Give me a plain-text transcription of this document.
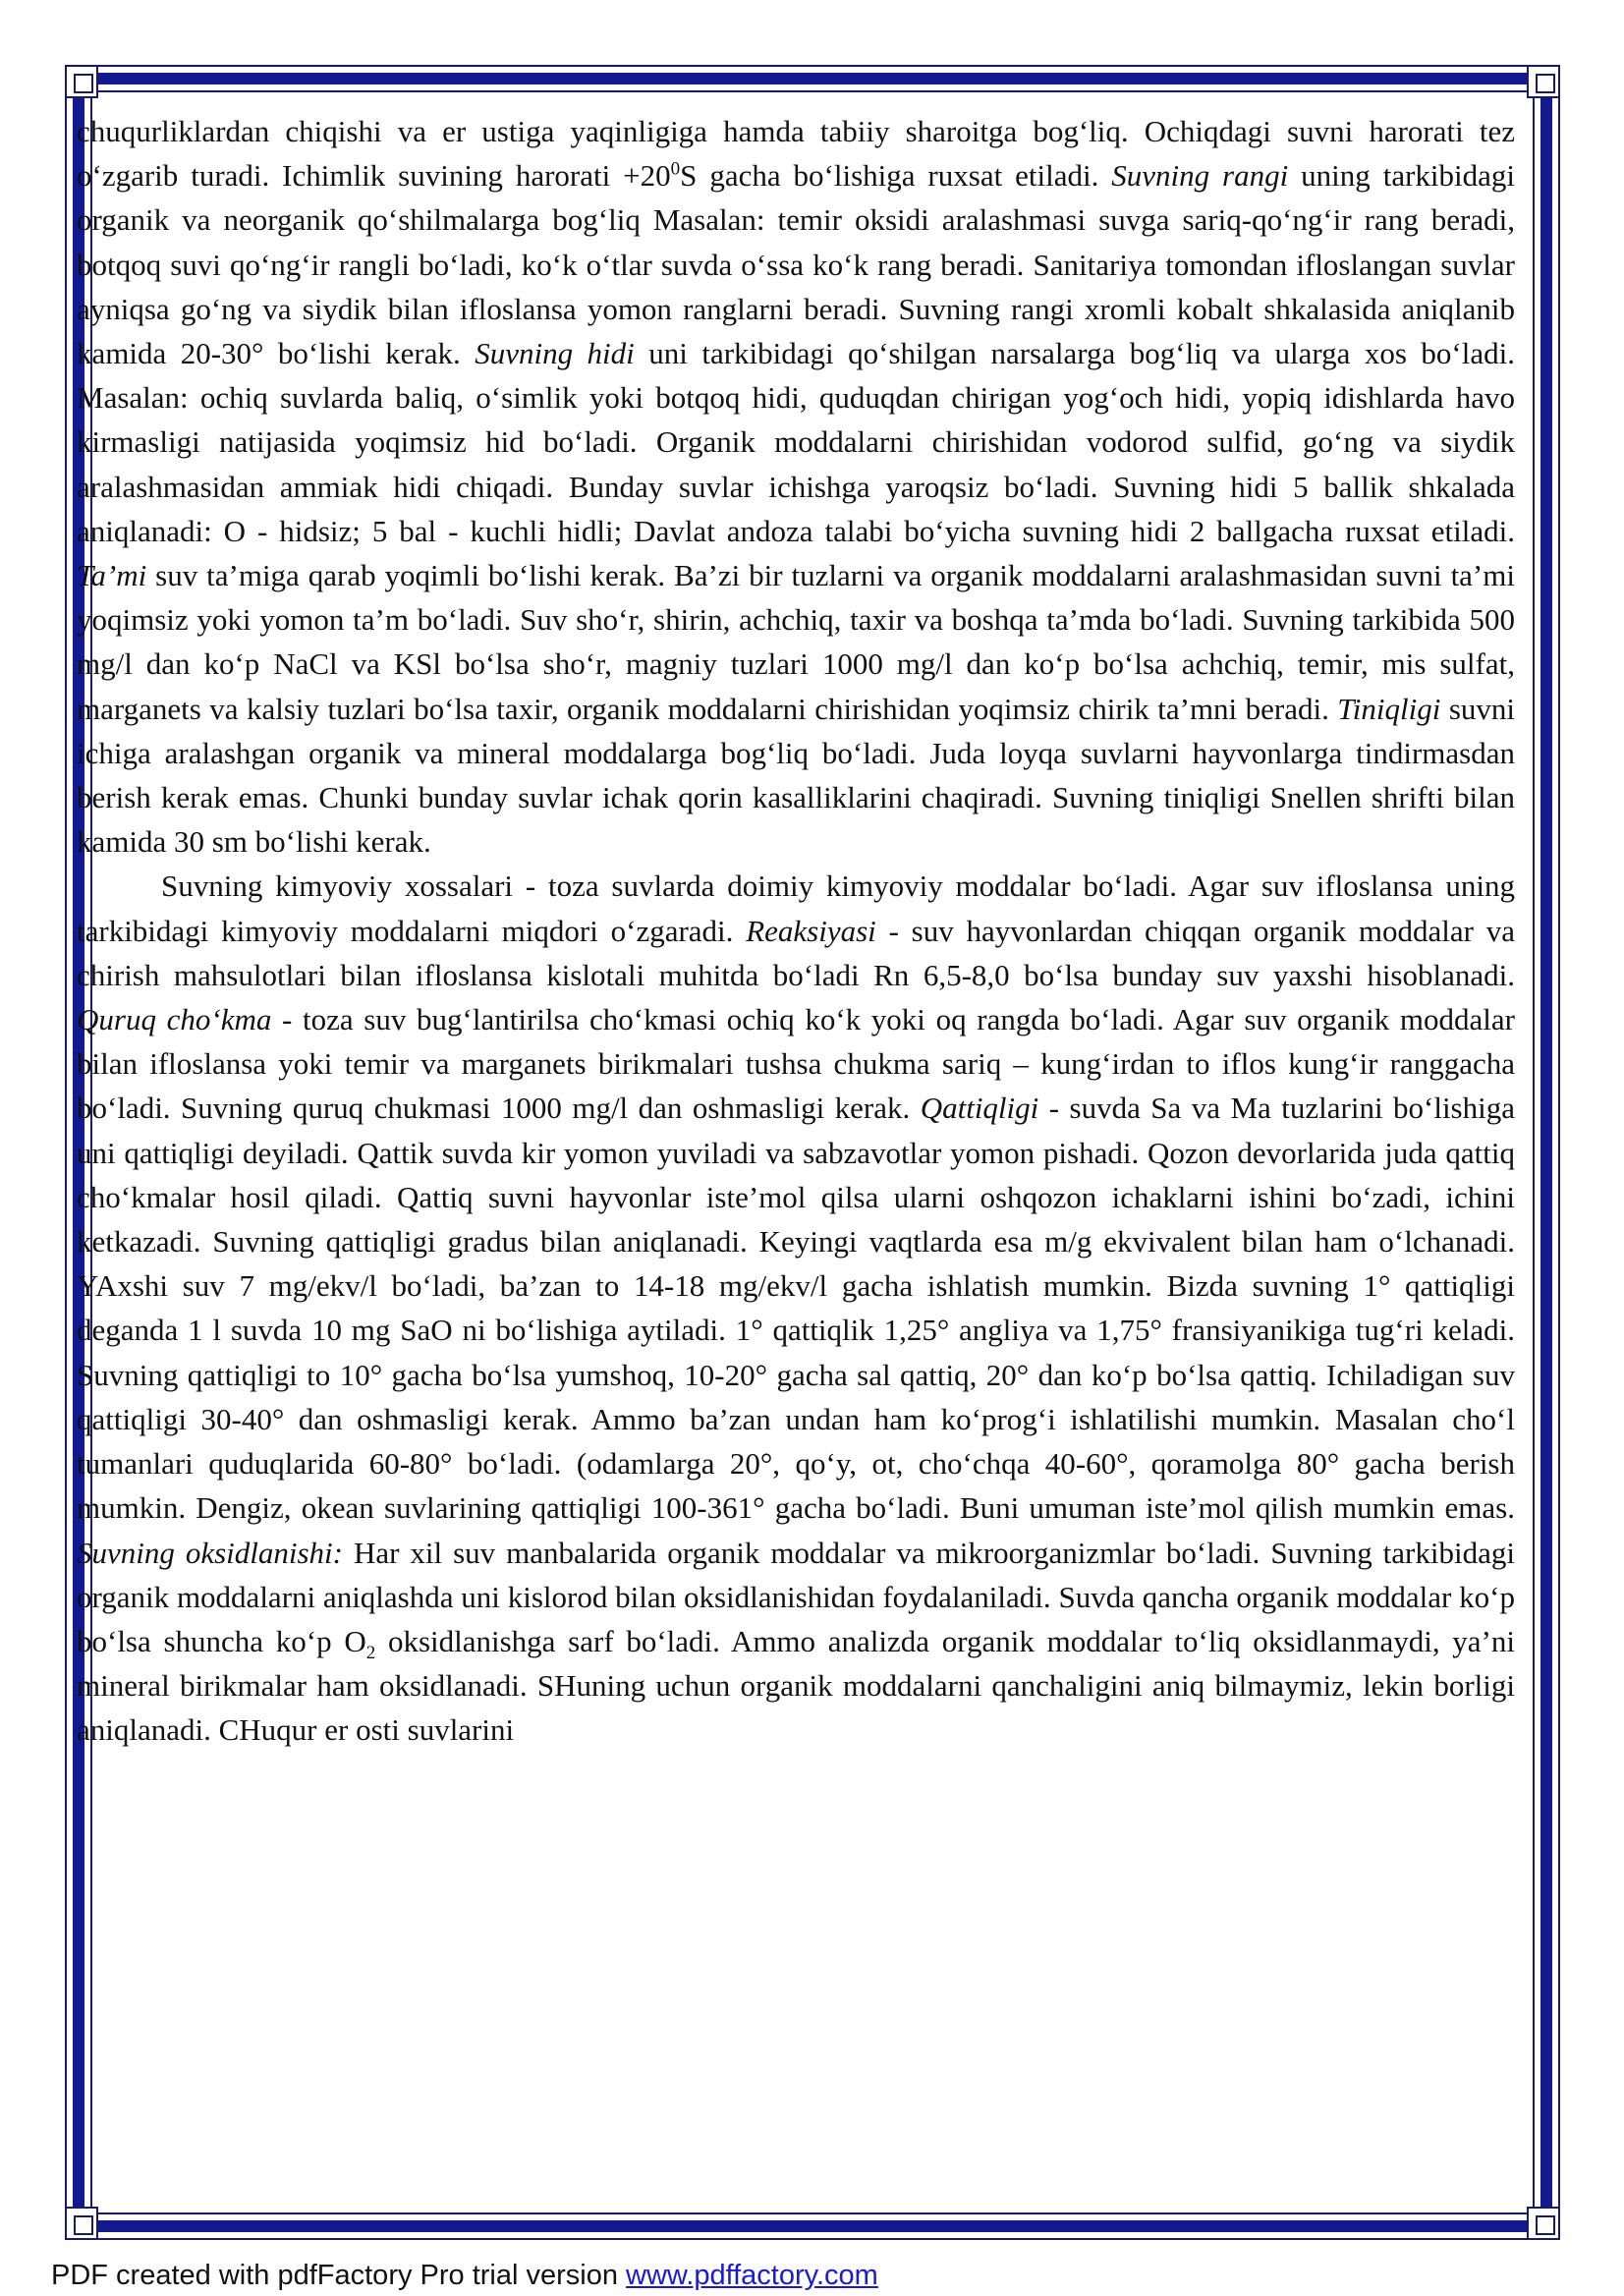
chuqurliklardan chiqishi va er ustiga yaqinligiga hamda tabiiy sharoitga bog‘liq. Ochiqdagi suvni harorati tez o‘zgarib turadi. Ichimlik suvining harorati $+20^0S$ gacha bo‘lishiga ruxsat etiladi. Suvning rangi uning tarkibidagi organik va neorganik qo‘shilmalarga bog‘liq Masalan: temir oksidi aralashmasi suvga sariq-qo‘ng‘ir rang beradi, botqoq suvi qo‘ng‘ir rangli bo‘ladi, ko‘k o‘tlar suvda o‘ssa ko‘k rang beradi. Sanitariya tomondan ifloslangan suvlar ayniqsa go‘ng va siydik bilan ifloslansa yomon ranglarni beradi. Suvning rangi xromli kobalt shkalasida aniqlanib kamida 20-30° bo‘lishi kerak. Suvning hidi uni tarkibidagi qo‘shilgan narsalarga bog‘liq va ularga xos bo‘ladi. Masalan: ochiq suvlarda baliq, o‘simlik yoki botqoq hidi, quduqdan chirigan yog‘och hidi, yopiq idishlarda havo kirmasligi natijasida yoqimsiz hid bo‘ladi. Organik moddalarni chirishidan vodorod sulfid, go‘ng va siydik aralashmasidan ammiak hidi chiqadi. Bunday suvlar ichishga yaroqsiz bo‘ladi. Suvning hidi 5 ballik shkalada aniqlanadi: O - hidsiz; 5 bal - kuchli hidli; Davlat andoza talabi bo‘yicha suvning hidi 2 ballgacha ruxsat etiladi. Ta’mi suv ta’miga qarab yoqimli bo‘lishi kerak. Ba’zi bir tuzlarni va organik moddalarni aralashmasidan suvni ta’mi yoqimsiz yoki yomon ta’m bo‘ladi. Suv sho‘r, shirin, achchiq, taxir va boshqa ta’mda bo‘ladi. Suvning tarkibida 500 mg/l dan ko‘p NaCl va KSl bo‘lsa sho‘r, magniy tuzlari 1000 mg/l dan ko‘p bo‘lsa achchiq, temir, mis sulfat, marganets va kalsiy tuzlari bo‘lsa taxir, organik moddalarni chirishidan yoqimsiz chirik ta’mni beradi. Tiniqligi suvni ichiga aralashgan organik va mineral moddalarga bog‘liq bo‘ladi. Juda loyqa suvlarni hayvonlarga tindirmasdan berish kerak emas. Chunki bunday suvlar ichak qorin kasalliklarini chaqiradi. Suvning tiniqligi Snellen shrifti bilan kamida 30 sm bo‘lishi kerak.

Suvning kimyoviy xossalari - toza suvlarda doimiy kimyoviy moddalar bo‘ladi. Agar suv ifloslansa uning tarkibidagi kimyoviy moddalarni miqdori o‘zgaradi. Reaksiyasi - suv hayvonlardan chiqqan organik moddalar va chirish mahsulotlari bilan ifloslansa kislotali muhitda bo‘ladi Rn 6,5-8,0 bo‘lsa bunday suv yaxshi hisoblanadi. Quruq cho‘kma - toza suv bug‘lantirilsa cho‘kmasi ochiq ko‘k yoki oq rangda bo‘ladi. Agar suv organik moddalar bilan ifloslansa yoki temir va marganets birikmalari tushsa chukma sariq – kung‘irdan to iflos kung‘ir ranggacha bo‘ladi. Suvning quruq chukmasi 1000 mg/l dan oshmasligi kerak. Qattiqligi - suvda Sa va Ma tuzlarini bo‘lishiga uni qattiqligi deyiladi. Qattik suvda kir yomon yuviladi va sabzavotlar yomon pishadi. Qozon devorlarida juda qattiq cho‘kmalar hosil qiladi. Qattiq suvni hayvonlar iste’mol qilsa ularni oshqozon ichaklarni ishini bo‘zadi, ichini ketkazadi. Suvning qattiqligi gradus bilan aniqlanadi. Keyingi vaqtlarda esa m/g ekvivalent bilan ham o‘lchanadi. YAxshi suv 7 mg/ekv/l bo‘ladi, ba’zan to 14-18 mg/ekv/l gacha ishlatish mumkin. Bizda suvning 1° qattiqligi deganda 1 l suvda 10 mg SaO ni bo‘lishiga aytiladi. 1° qattiqlik 1,25° angliya va 1,75° fransiyanikiga tug‘ri keladi. Suvning qattiqligi to 10° gacha bo‘lsa yumshoq, 10-20° gacha sal qattiq, 20° dan ko‘p bo‘lsa qattiq. Ichiladigan suv qattiqligi 30-40° dan oshmasligi kerak. Ammo ba’zan undan ham ko‘prog‘i ishlatilishi mumkin. Masalan cho‘l tumanlari quduqlarida 60-80° bo‘ladi. (odamlarga 20°, qo‘y, ot, cho‘chqa 40-60°, qoramolga 80° gacha berish mumkin. Dengiz, okean suvlarining qattiqligi 100-361° gacha bo‘ladi. Buni umuman iste’mol qilish mumkin emas. Suvning oksidlanishi: Har xil suv manbalarida organik moddalar va mikroorganizmlar bo‘ladi. Suvning tarkibidagi organik moddalarni aniqlashda uni kislorod bilan oksidlanishidan foydalaniladi. Suvda qancha organik moddalar ko‘p bo‘lsa shuncha ko‘p $O_2$ oksidlanishga sarf bo‘ladi. Ammo analizda organik moddalar to‘liq oksidlanmaydi, ya’ni mineral birikmalar ham oksidlanadi. SHuning uchun organik moddalarni qanchaligini aniq bilmaymiz, lekin borligi aniqlanadi. CHuqur er osti suvlarini

PDF created with pdfFactory Pro trial version www.pdffactory.com
